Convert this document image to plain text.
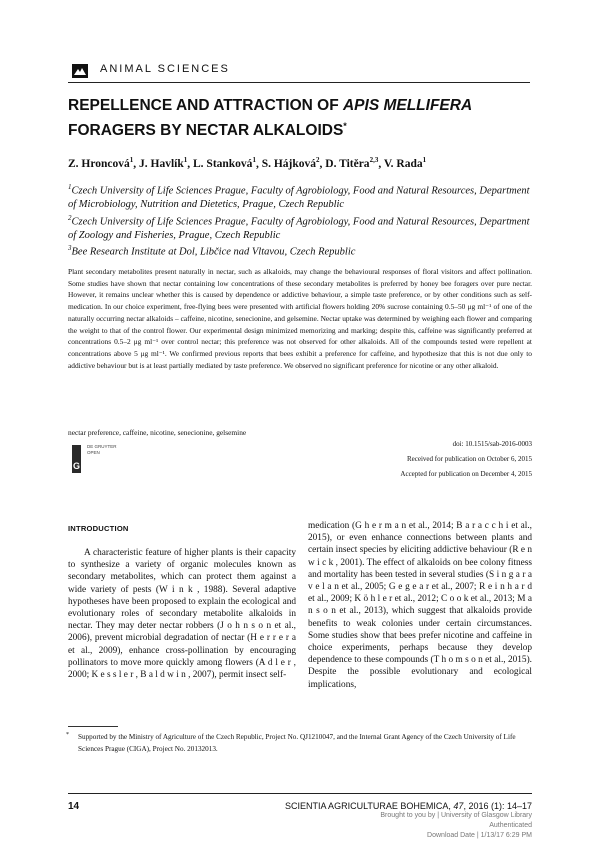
ANIMAL SCIENCES
REPELLENCE AND ATTRACTION OF APIS MELLIFERA
FORAGERS BY NECTAR ALKALOIDS*
Z. Hroncová$^1$, J. Havlík$^1$, L. Stanková$^1$, S. Hájková$^2$, D. Titěra$^{2,3}$, V. Rada$^1$
$^1$Czech University of Life Sciences Prague, Faculty of Agrobiology, Food and Natural Resources, Department of Microbiology, Nutrition and Dietetics, Prague, Czech Republic
$^2$Czech University of Life Sciences Prague, Faculty of Agrobiology, Food and Natural Resources, Department of Zoology and Fisheries, Prague, Czech Republic
$^3$Bee Research Institute at Dol, Libčice nad Vltavou, Czech Republic
Plant secondary metabolites present naturally in nectar, such as alkaloids, may change the behavioural responses of floral visitors and affect pollination. Some studies have shown that nectar containing low concentrations of these secondary metabolites is preferred by honey bee foragers over pure nectar. However, it remains unclear whether this is caused by dependence or addictive behaviour, a simple taste preference, or by other conditions such as self-medication. In our choice experiment, free-flying bees were presented with artificial flowers holding 20% sucrose containing 0.5–50 μg ml⁻¹ of one of the naturally occurring nectar alkaloids – caffeine, nicotine, senecionine, and gelsemine. Nectar uptake was determined by weighing each flower and comparing the weight to that of the control flower. Our experimental design minimized memorizing and marking; despite this, caffeine was significantly preferred at concentrations 0.5–2 μg ml⁻¹ over control nectar; this preference was not observed for other alkaloids. All of the compounds tested were repellent at concentrations above 5 μg ml⁻¹. We confirmed previous reports that bees exhibit a preference for caffeine, and hypothesize that this is not due only to addictive behaviour but is at least partially mediated by taste preference. We observed no significant preference for nicotine or any other alkaloid.
nectar preference, caffeine, nicotine, senecionine, gelsemine
G
DE GRUYTER
OPEN
doi: 10.1515/sab-2016-0003
Received for publication on October 6, 2015
Accepted for publication on December 4, 2015
INTRODUCTION

A characteristic feature of higher plants is their capacity to synthesize a variety of organic molecules known as secondary metabolites, which can protect them against a wide variety of pests (W i n k , 1988). Several adaptive hypotheses have been proposed to explain the ecological and evolutionary roles of secondary metabolite alkaloids in nectar. They may deter nectar robbers (J o h n s o n et al., 2006), prevent microbial degradation of nectar (H e r r e r a et al., 2009), enhance cross-pollination by encouraging pollinators to move more quickly among flowers (A d l e r , 2000; K e s s l e r , B a l d w i n , 2007), permit insect self-

medication (G h e r m a n et al., 2014; B a r a c c h i et al., 2015), or even enhance connections between plants and certain insect species by eliciting addictive behaviour (R e n w i c k , 2001). The effect of alkaloids on bee colony fitness and mortality has been tested in several studies (S i n g a r a v e l a n et al., 2005; G e g e a r et al., 2007; R e i n h a r d et al., 2009; K ö h l e r et al., 2012; C o o k et al., 2013; M a n s o n et al., 2013), which suggest that alkaloids provide benefits to weak colonies under certain circumstances. Some studies show that bees prefer nicotine and caffeine in choice experiments, perhaps because they develop dependence to these compounds (T h o m s o n et al., 2015). Despite the possible evolutionary and ecological implications,

*	Supported by the Ministry of Agriculture of the Czech Republic, Project No. QJ1210047, and the Internal Grant Agency of the Czech University of Life Sciences Prague (CIGA), Project No. 20132013.
14	SCIENTIA AGRICULTURAE BOHEMICA, 47, 2016 (1): 14–17
Brought to you by | University of Glasgow Library
Authenticated
Download Date | 1/13/17 6:29 PM
